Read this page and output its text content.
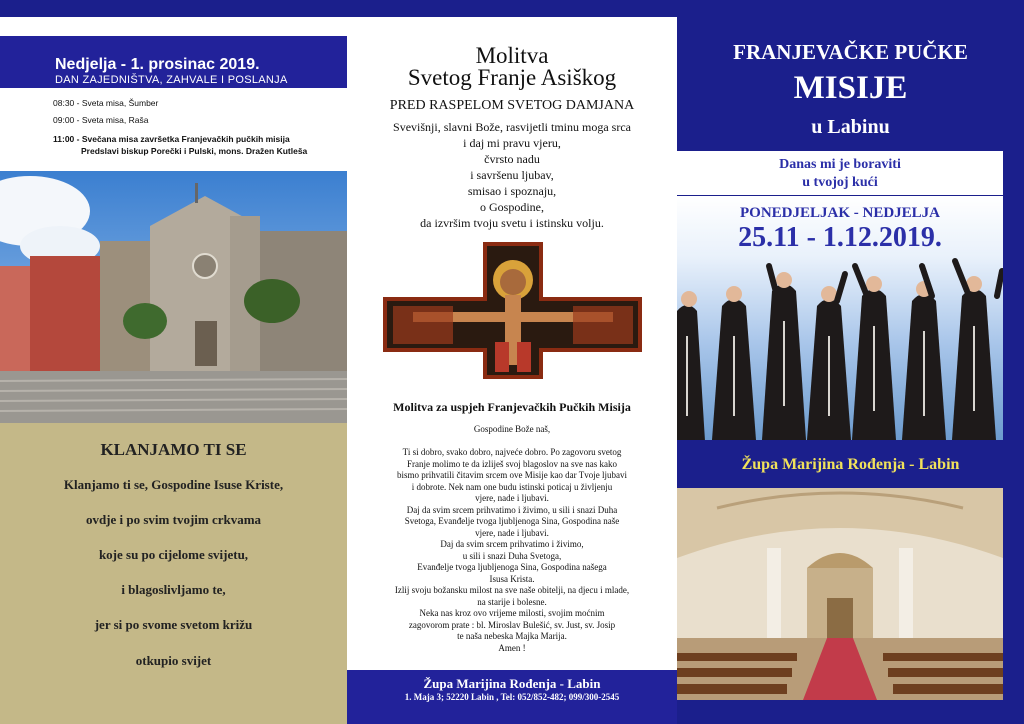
Nedjelja - 1. prosinac 2019.
DAN ZAJEDNIŠTVA, ZAHVALE I POSLANJA
08:30 - Sveta misa, Šumber
09:00 - Sveta misa, Raša
11:00 - Svečana misa završetka Franjevačkih pučkih misija
Predslavi biskup Porečki i Pulski, mons. Dražen Kutleša
KLANJAMO TI SE
Klanjamo ti se, Gospodine Isuse Kriste,
ovdje i po svim tvojim crkvama
koje su po cijelome svijetu,
i blagoslivljamo te,
jer si po svome svetom križu
otkupio svijet
Molitva
Svetog Franje Asiškog
PRED RASPELOM SVETOG DAMJANA
Svevišnji, slavni Bože, rasvijetli tminu moga srca
i daj mi pravu vjeru,
čvrsto nadu
i savršenu ljubav,
smisao i spoznaju,
o Gospodine,
da izvršim tvoju svetu i istinsku volju.
Molitva za uspjeh Franjevačkih Pučkih Misija
Gospodine Bože naš,

Ti si dobro, svako dobro, najveće dobro. Po zagovoru svetog
Franje molimo te da izliješ svoj blagoslov na sve nas kako
bismo prihvatili čitavim srcem ove Misije kao dar Tvoje ljubavi
i dobrote. Nek nam one budu istinski poticaj u življenju
vjere, nade i ljubavi.
Daj da svim srcem prihvatimo i živimo, u sili i snazi Duha
Svetoga, Evanđelje tvoga ljubljenoga Sina, Gospodina naše
vjere, nade i ljubavi.
Daj da svim srcem prihvatimo i živimo,
u sili i snazi Duha Svetoga,
Evanđelje tvoga ljubljenoga Sina, Gospodina našega
Isusa Krista.
Izlij svoju božansku milost na sve naše obitelji, na djecu i mlade,
na starije i bolesne.
Neka nas kroz ovo vrijeme milosti, svojim moćnim
zagovorom prate : bl. Miroslav Bulešić, sv. Just, sv. Josip
te naša nebeska Majka Marija.
Amen !
Župa Marijina Rođenja - Labin
1. Maja 3; 52220 Labin , Tel: 052/852-482; 099/300-2545
FRANJEVAČKE PUČKE
MISIJE
u Labinu
Danas mi je boraviti
u tvojoj kući
PONEDJELJAK - NEDJELJA
25.11 - 1.12.2019.
Župa Marijina Rođenja - Labin
